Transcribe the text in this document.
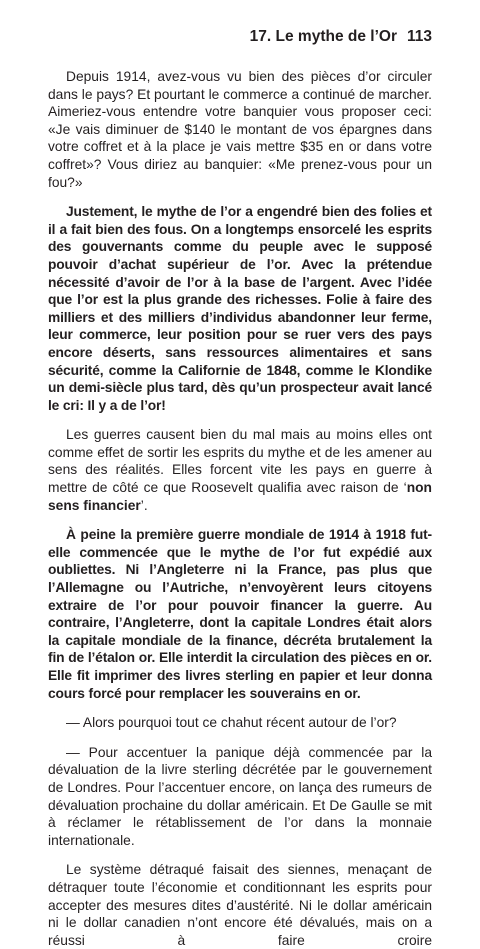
17. Le mythe de l’Or 113

Depuis 1914, avez-vous vu bien des pièces d’or circuler dans le pays? Et pourtant le commerce a continué de marcher. Aimeriez-vous entendre votre banquier vous proposer ceci: «Je vais diminuer de $140 le montant de vos épargnes dans votre coffret et à la place je vais mettre $35 en or dans votre coffret»? Vous diriez au banquier: «Me prenez-vous pour un fou?»

Justement, le mythe de l’or a engendré bien des folies et il a fait bien des fous. On a longtemps ensorcelé les esprits des gouvernants comme du peuple avec le supposé pouvoir d’achat supérieur de l’or. Avec la prétendue nécessité d’avoir de l’or à la base de l’argent. Avec l’idée que l’or est la plus grande des richesses. Folie à faire des milliers et des milliers d’individus abandonner leur ferme, leur commerce, leur position pour se ruer vers des pays encore déserts, sans ressources alimentaires et sans sécurité, comme la Californie de 1848, comme le Klondike un demi-siècle plus tard, dès qu’un prospecteur avait lancé le cri: Il y a de l’or!

Les guerres causent bien du mal mais au moins elles ont comme effet de sortir les esprits du mythe et de les amener au sens des réalités. Elles forcent vite les pays en guerre à mettre de côté ce que Roosevelt qualifia avec raison de ‘non sens financier’.

À peine la première guerre mondiale de 1914 à 1918 fut-elle commencée que le mythe de l’or fut expédié aux oubliettes. Ni l’Angleterre ni la France, pas plus que l’Allemagne ou l’Autriche, n’envoyèrent leurs citoyens extraire de l’or pour pouvoir financer la guerre. Au contraire, l’Angleterre, dont la capitale Londres était alors la capitale mondiale de la finance, décréta brutalement la fin de l’étalon or. Elle interdit la circulation des pièces en or. Elle fit imprimer des livres sterling en papier et leur donna cours forcé pour remplacer les souverains en or.

— Alors pourquoi tout ce chahut récent autour de l’or?

— Pour accentuer la panique déjà commencée par la dévaluation de la livre sterling décrétée par le gouvernement de Londres. Pour l’accentuer encore, on lança des rumeurs de dévaluation prochaine du dollar américain. Et De Gaulle se mit à réclamer le rétablissement de l’or dans la monnaie internationale.

Le système détraqué faisait des siennes, menaçant de détraquer toute l’économie et conditionnant les esprits pour accepter des mesures dites d’austérité. Ni le dollar américain ni le dollar canadien n’ont encore été dévalués, mais on a réussi à faire croire
